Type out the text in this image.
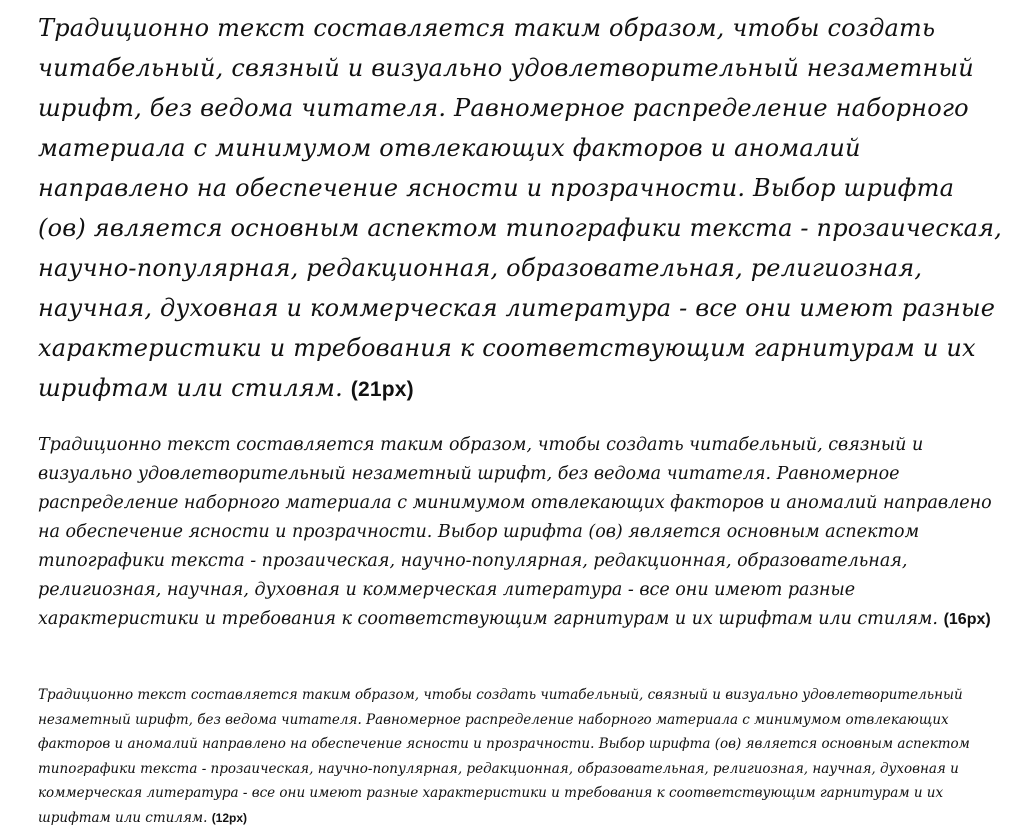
Традиционно текст составляется таким образом, чтобы создать читабельный, связный и визуально удовлетворительный незаметный шрифт, без ведома читателя. Равномерное распределение наборного материала с минимумом отвлекающих факторов и аномалий направлено на обеспечение ясности и прозрачности. Выбор шрифта (ов) является основным аспектом типографики текста - прозаическая, научно-популярная, редакционная, образовательная, религиозная, научная, духовная и коммерческая литература - все они имеют разные характеристики и требования к соответствующим гарнитурам и их шрифтам или стилям. (21px)

Традиционно текст составляется таким образом, чтобы создать читабельный, связный и визуально удовлетворительный незаметный шрифт, без ведома читателя. Равномерное распределение наборного материала с минимумом отвлекающих факторов и аномалий направлено на обеспечение ясности и прозрачности. Выбор шрифта (ов) является основным аспектом типографики текста - прозаическая, научно-популярная, редакционная, образовательная, религиозная, научная, духовная и коммерческая литература - все они имеют разные характеристики и требования к соответствующим гарнитурам и их шрифтам или стилям. (16px)

Традиционно текст составляется таким образом, чтобы создать читабельный, связный и визуально удовлетворительный незаметный шрифт, без ведома читателя. Равномерное распределение наборного материала с минимумом отвлекающих факторов и аномалий направлено на обеспечение ясности и прозрачности. Выбор шрифта (ов) является основным аспектом типографики текста - прозаическая, научно-популярная, редакционная, образовательная, религиозная, научная, духовная и коммерческая литература - все они имеют разные характеристики и требования к соответствующим гарнитурам и их шрифтам или стилям. (12px)
